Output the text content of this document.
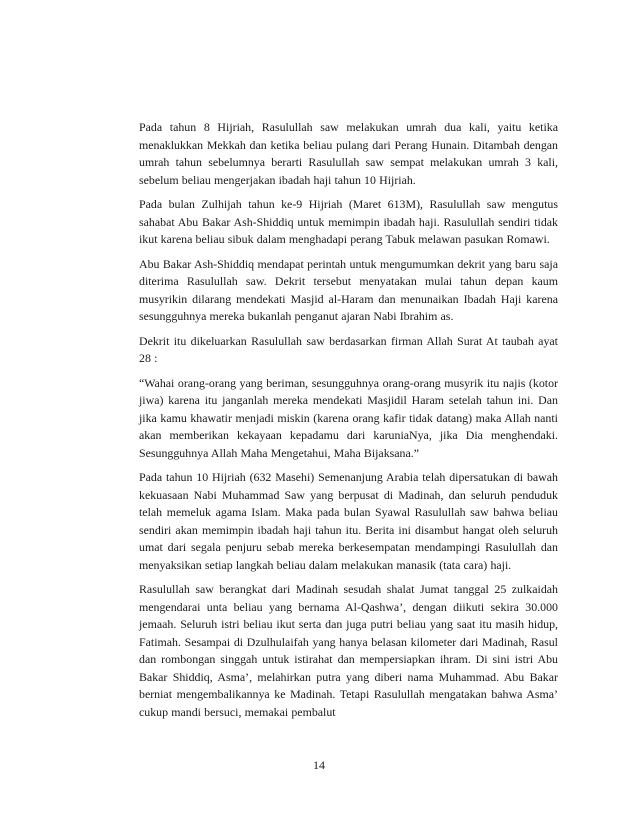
Pada tahun 8 Hijriah, Rasulullah saw melakukan umrah dua kali, yaitu ketika menaklukkan Mekkah dan ketika beliau pulang dari Perang Hunain. Ditambah dengan umrah tahun sebelumnya berarti Rasulullah saw sempat melakukan umrah 3 kali, sebelum beliau mengerjakan ibadah haji tahun 10 Hijriah.

Pada bulan Zulhijah tahun ke-9 Hijriah (Maret 613M), Rasulullah saw mengutus sahabat Abu Bakar Ash-Shiddiq untuk memimpin ibadah haji. Rasulullah sendiri tidak ikut karena beliau sibuk dalam menghadapi perang Tabuk melawan pasukan Romawi.

Abu Bakar Ash-Shiddiq mendapat perintah untuk mengumumkan dekrit yang baru saja diterima Rasulullah saw. Dekrit tersebut menyatakan mulai tahun depan kaum musyrikin dilarang mendekati Masjid al-Haram dan menunaikan Ibadah Haji karena sesungguhnya mereka bukanlah penganut ajaran Nabi Ibrahim as.

Dekrit itu dikeluarkan Rasulullah saw berdasarkan firman Allah Surat At taubah ayat 28 :

“Wahai orang-orang yang beriman, sesungguhnya orang-orang musyrik itu najis (kotor jiwa) karena itu janganlah mereka mendekati Masjidil Haram setelah tahun ini. Dan jika kamu khawatir menjadi miskin (karena orang kafir tidak datang) maka Allah nanti akan memberikan kekayaan kepadamu dari karuniaNya, jika Dia menghendaki. Sesungguhnya Allah Maha Mengetahui, Maha Bijaksana.”

Pada tahun 10 Hijriah (632 Masehi) Semenanjung Arabia telah dipersatukan di bawah kekuasaan Nabi Muhammad Saw yang berpusat di Madinah, dan seluruh penduduk telah memeluk agama Islam. Maka pada bulan Syawal Rasulullah saw bahwa beliau sendiri akan memimpin ibadah haji tahun itu. Berita ini disambut hangat oleh seluruh umat dari segala penjuru sebab mereka berkesempatan mendampingi Rasulullah dan menyaksikan setiap langkah beliau dalam melakukan manasik (tata cara) haji.

Rasulullah saw berangkat dari Madinah sesudah shalat Jumat tanggal 25 zulkaidah mengendarai unta beliau yang bernama Al-Qashwa’, dengan diikuti sekira 30.000 jemaah. Seluruh istri beliau ikut serta dan juga putri beliau yang saat itu masih hidup, Fatimah. Sesampai di Dzulhulaifah yang hanya belasan kilometer dari Madinah, Rasul dan rombongan singgah untuk istirahat dan mempersiapkan ihram. Di sini istri Abu Bakar Shiddiq, Asma’, melahirkan putra yang diberi nama Muhammad. Abu Bakar berniat mengembalikannya ke Madinah. Tetapi Rasulullah mengatakan bahwa Asma’ cukup mandi bersuci, memakai pembalut

14
